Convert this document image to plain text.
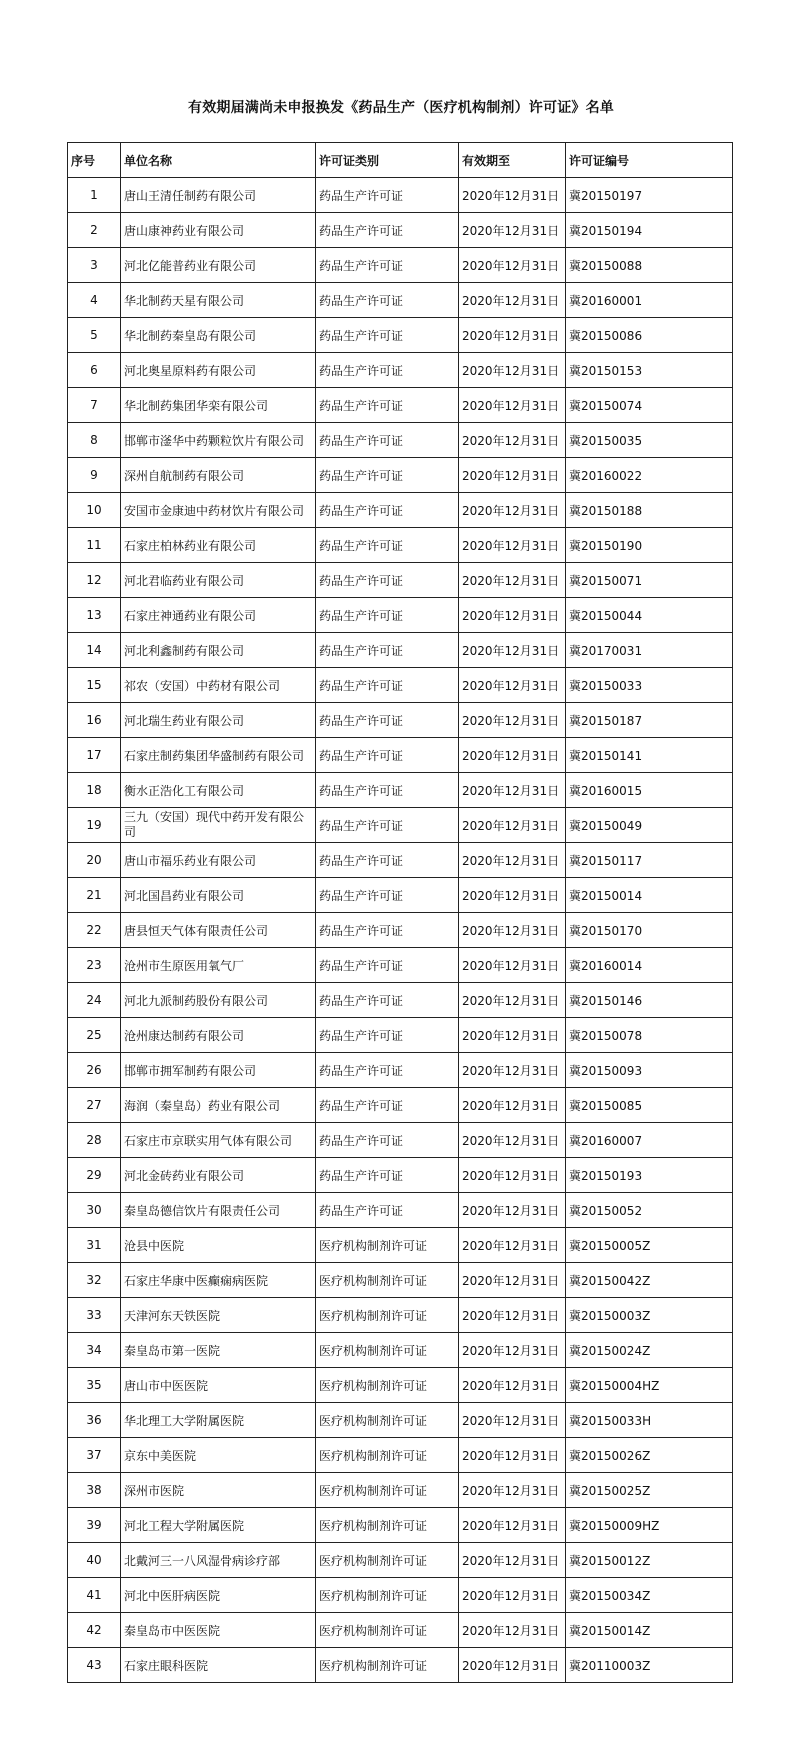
有效期届满尚未申报换发《药品生产（医疗机构制剂）许可证》名单
序号	单位名称	许可证类别	有效期至	许可证编号
1	唐山王清任制药有限公司	药品生产许可证	2020年12月31日	冀20150197
2	唐山康神药业有限公司	药品生产许可证	2020年12月31日	冀20150194
3	河北亿能普药业有限公司	药品生产许可证	2020年12月31日	冀20150088
4	华北制药天星有限公司	药品生产许可证	2020年12月31日	冀20160001
5	华北制药秦皇岛有限公司	药品生产许可证	2020年12月31日	冀20150086
6	河北奥星原料药有限公司	药品生产许可证	2020年12月31日	冀20150153
7	华北制药集团华栾有限公司	药品生产许可证	2020年12月31日	冀20150074
8	邯郸市滏华中药颗粒饮片有限公司	药品生产许可证	2020年12月31日	冀20150035
9	深州自航制药有限公司	药品生产许可证	2020年12月31日	冀20160022
10	安国市金康迪中药材饮片有限公司	药品生产许可证	2020年12月31日	冀20150188
11	石家庄柏林药业有限公司	药品生产许可证	2020年12月31日	冀20150190
12	河北君临药业有限公司	药品生产许可证	2020年12月31日	冀20150071
13	石家庄神通药业有限公司	药品生产许可证	2020年12月31日	冀20150044
14	河北利鑫制药有限公司	药品生产许可证	2020年12月31日	冀20170031
15	祁农（安国）中药材有限公司	药品生产许可证	2020年12月31日	冀20150033
16	河北瑞生药业有限公司	药品生产许可证	2020年12月31日	冀20150187
17	石家庄制药集团华盛制药有限公司	药品生产许可证	2020年12月31日	冀20150141
18	衡水正浩化工有限公司	药品生产许可证	2020年12月31日	冀20160015
19	三九（安国）现代中药开发有限公司	药品生产许可证	2020年12月31日	冀20150049
20	唐山市福乐药业有限公司	药品生产许可证	2020年12月31日	冀20150117
21	河北国昌药业有限公司	药品生产许可证	2020年12月31日	冀20150014
22	唐县恒天气体有限责任公司	药品生产许可证	2020年12月31日	冀20150170
23	沧州市生原医用氧气厂	药品生产许可证	2020年12月31日	冀20160014
24	河北九派制药股份有限公司	药品生产许可证	2020年12月31日	冀20150146
25	沧州康达制药有限公司	药品生产许可证	2020年12月31日	冀20150078
26	邯郸市拥军制药有限公司	药品生产许可证	2020年12月31日	冀20150093
27	海润（秦皇岛）药业有限公司	药品生产许可证	2020年12月31日	冀20150085
28	石家庄市京联实用气体有限公司	药品生产许可证	2020年12月31日	冀20160007
29	河北金砖药业有限公司	药品生产许可证	2020年12月31日	冀20150193
30	秦皇岛德信饮片有限责任公司	药品生产许可证	2020年12月31日	冀20150052
31	沧县中医院	医疗机构制剂许可证	2020年12月31日	冀20150005Z
32	石家庄华康中医癫痫病医院	医疗机构制剂许可证	2020年12月31日	冀20150042Z
33	天津河东天铁医院	医疗机构制剂许可证	2020年12月31日	冀20150003Z
34	秦皇岛市第一医院	医疗机构制剂许可证	2020年12月31日	冀20150024Z
35	唐山市中医医院	医疗机构制剂许可证	2020年12月31日	冀20150004HZ
36	华北理工大学附属医院	医疗机构制剂许可证	2020年12月31日	冀20150033H
37	京东中美医院	医疗机构制剂许可证	2020年12月31日	冀20150026Z
38	深州市医院	医疗机构制剂许可证	2020年12月31日	冀20150025Z
39	河北工程大学附属医院	医疗机构制剂许可证	2020年12月31日	冀20150009HZ
40	北戴河三一八风湿骨病诊疗部	医疗机构制剂许可证	2020年12月31日	冀20150012Z
41	河北中医肝病医院	医疗机构制剂许可证	2020年12月31日	冀20150034Z
42	秦皇岛市中医医院	医疗机构制剂许可证	2020年12月31日	冀20150014Z
43	石家庄眼科医院	医疗机构制剂许可证	2020年12月31日	冀20110003Z
